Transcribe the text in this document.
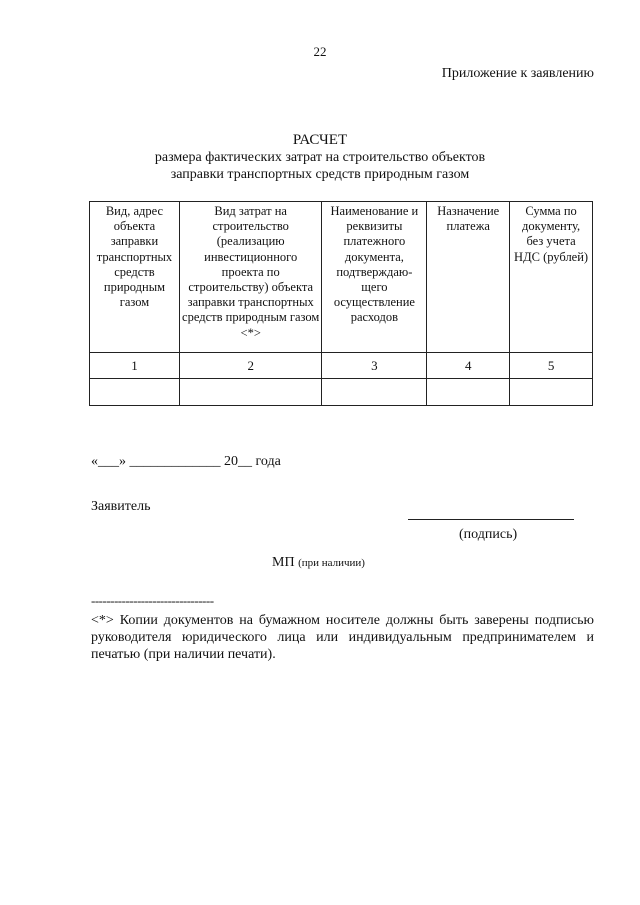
22
Приложение к заявлению
РАСЧЕТ
размера фактических затрат на строительство объектов
заправки транспортных средств природным газом
Вид, адрес объекта заправки транспортных средств природным газом	Вид затрат на строительство (реализацию инвестиционного проекта по строительству) объекта заправки транспортных средств природным газом <*>	Наименование и реквизиты платежного документа, подтверждаю-щего осуществление расходов	Назначение платежа	Сумма по документу, без учета НДС (рублей)
1	2	3	4	5

«___» _____________ 20__ года
Заявитель
(подпись)
МП (при наличии)
--------------------------------
<*> Копии документов на бумажном носителе должны быть заверены подписью руководителя юридического лица или индивидуальным предпринимателем и печатью (при наличии печати).
